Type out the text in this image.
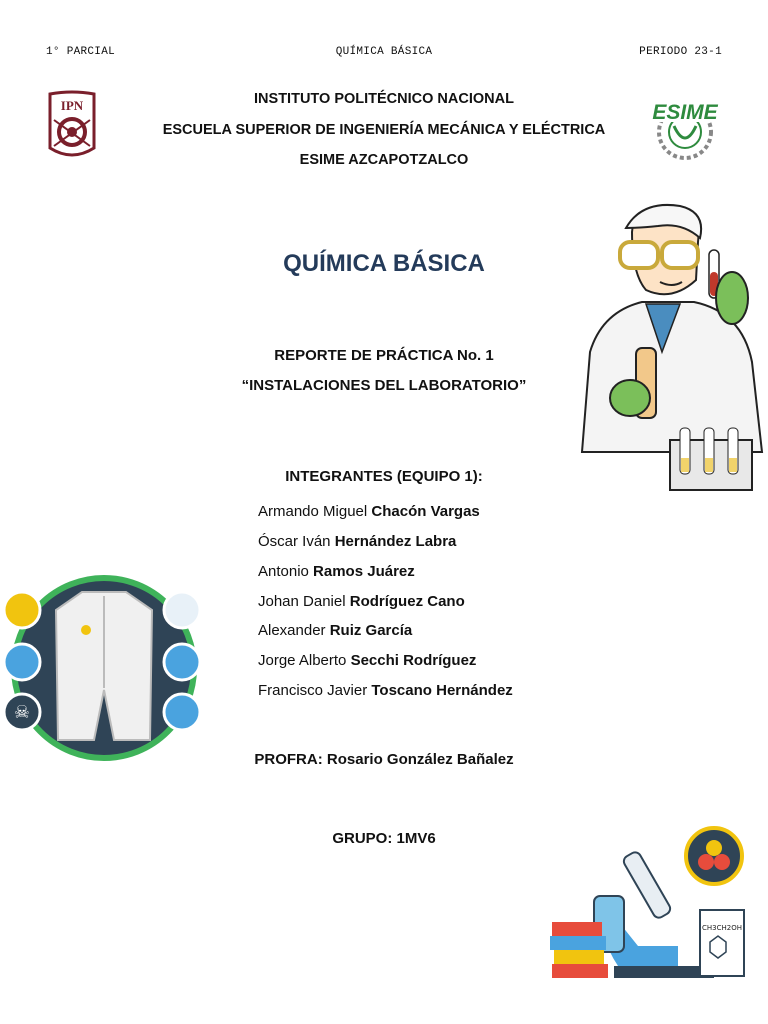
1° PARCIAL	QUÍMICA BÁSICA	PERIODO 23-1
IPN	ESIME
INSTITUTO POLITÉCNICO NACIONAL
ESCUELA SUPERIOR DE INGENIERÍA MECÁNICA Y ELÉCTRICA
ESIME AZCAPOTZALCO
QUÍMICA BÁSICA
REPORTE DE PRÁCTICA No. 1
“INSTALACIONES DEL LABORATORIO”
INTEGRANTES (EQUIPO 1):
Armando Miguel Chacón Vargas
Óscar Iván Hernández Labra
Antonio Ramos Juárez
Johan Daniel Rodríguez Cano
Alexander Ruiz García
Jorge Alberto Secchi Rodríguez
Francisco Javier Toscano Hernández
☠
PROFRA: Rosario González Bañalez
GRUPO: 1MV6
CH3CH2OH
